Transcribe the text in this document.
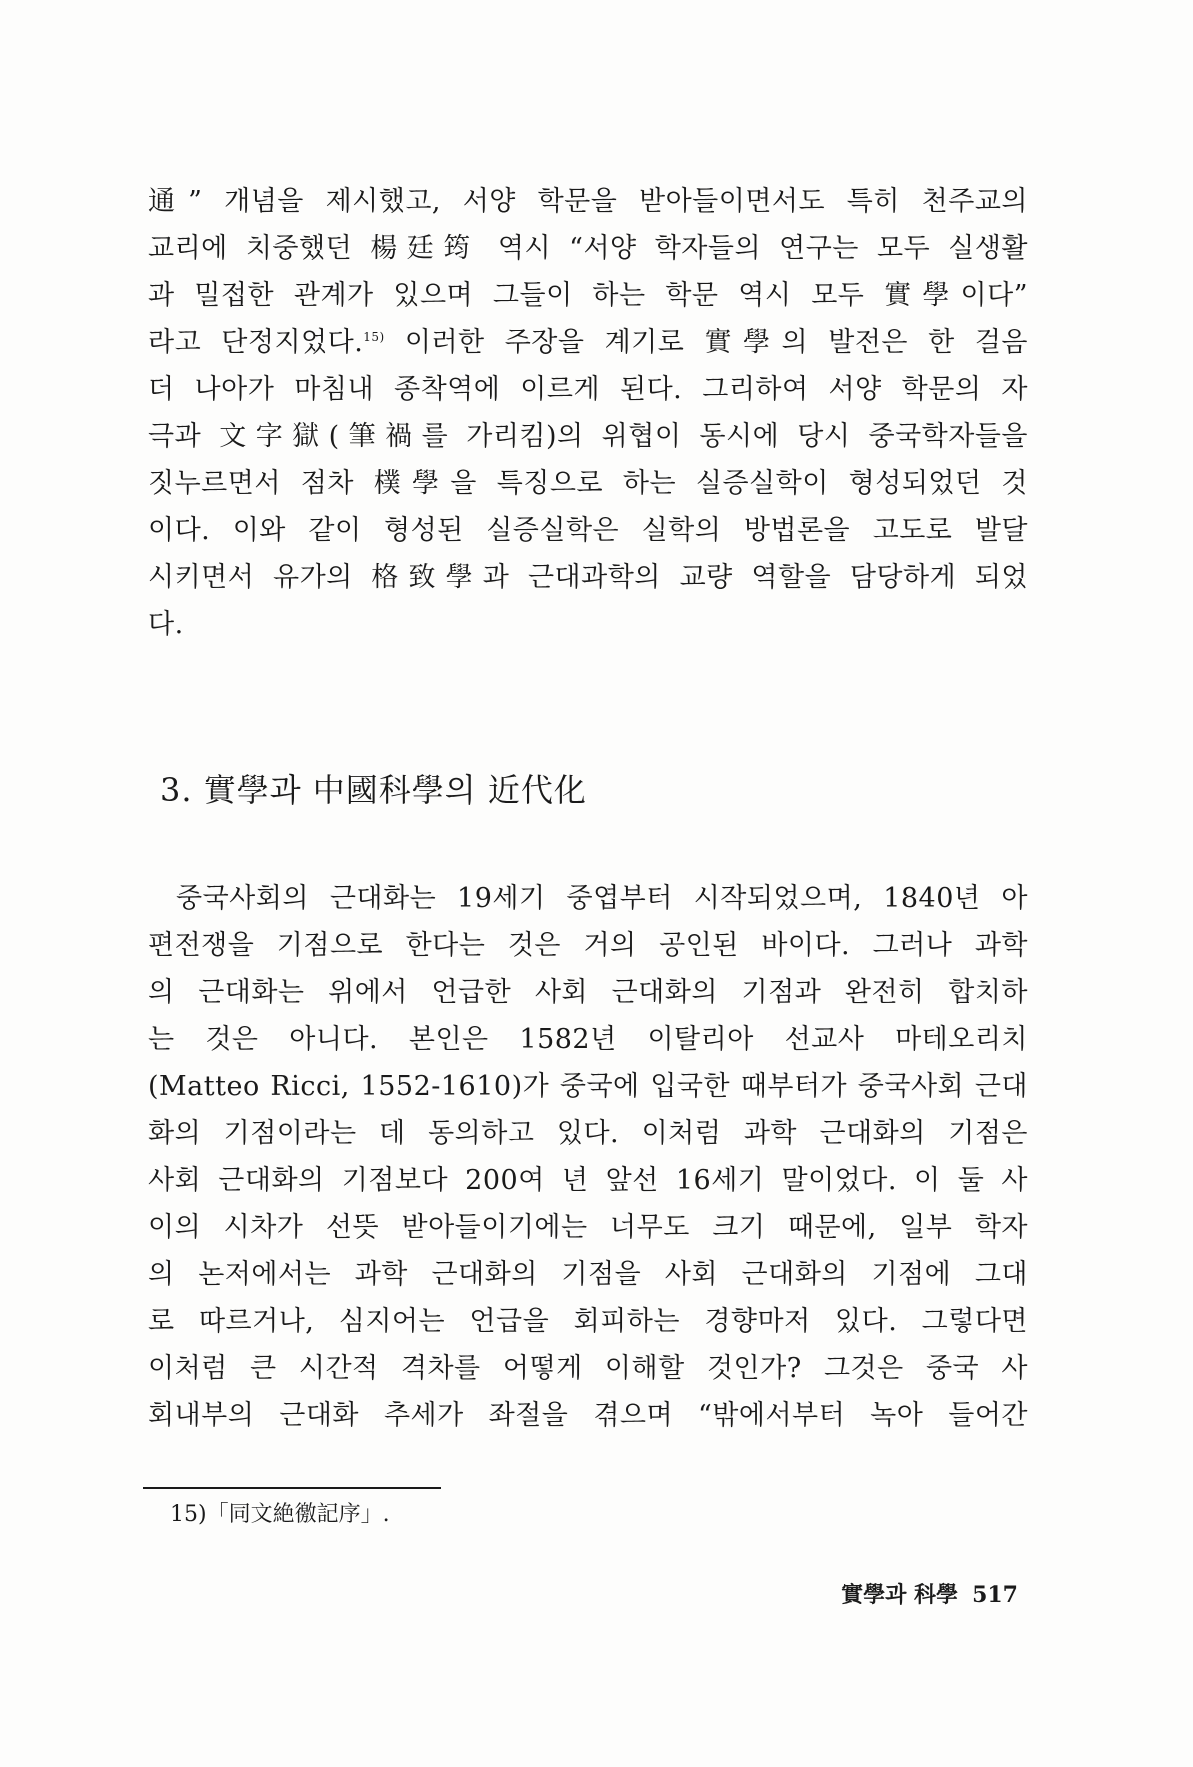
通” 개념을 제시했고, 서양 학문을 받아들이면서도 특히 천주교의
교리에 치중했던 楊廷筠 역시 “서양 학자들의 연구는 모두 실생활
과 밀접한 관계가 있으며 그들이 하는 학문 역시 모두 實學이다”
라고 단정지었다.$^{15)}$ 이러한 주장을 계기로 實學의 발전은 한 걸음
더 나아가 마침내 종착역에 이르게 된다. 그리하여 서양 학문의 자
극과 文字獄(筆禍를 가리킴)의 위협이 동시에 당시 중국학자들을
짓누르면서 점차 樸學을 특징으로 하는 실증실학이 형성되었던 것
이다. 이와 같이 형성된 실증실학은 실학의 방법론을 고도로 발달
시키면서 유가의 格致學과 근대과학의 교량 역할을 담당하게 되었
다.
3. 實學과 中國科學의 近代化
중국사회의 근대화는 19세기 중엽부터 시작되었으며, 1840년 아
편전쟁을 기점으로 한다는 것은 거의 공인된 바이다. 그러나 과학
의 근대화는 위에서 언급한 사회 근대화의 기점과 완전히 합치하
는 것은 아니다. 본인은 1582년 이탈리아 선교사 마테오리치
(Matteo Ricci, 1552-1610)가 중국에 입국한 때부터가 중국사회 근대
화의 기점이라는 데 동의하고 있다. 이처럼 과학 근대화의 기점은
사회 근대화의 기점보다 200여 년 앞선 16세기 말이었다. 이 둘 사
이의 시차가 선뜻 받아들이기에는 너무도 크기 때문에, 일부 학자
의 논저에서는 과학 근대화의 기점을 사회 근대화의 기점에 그대
로 따르거나, 심지어는 언급을 회피하는 경향마저 있다. 그렇다면
이처럼 큰 시간적 격차를 어떻게 이해할 것인가? 그것은 중국 사
회내부의 근대화 추세가 좌절을 겪으며 “밖에서부터 녹아 들어간
15)「同文絶徼記序」.
實學과 科學 517
